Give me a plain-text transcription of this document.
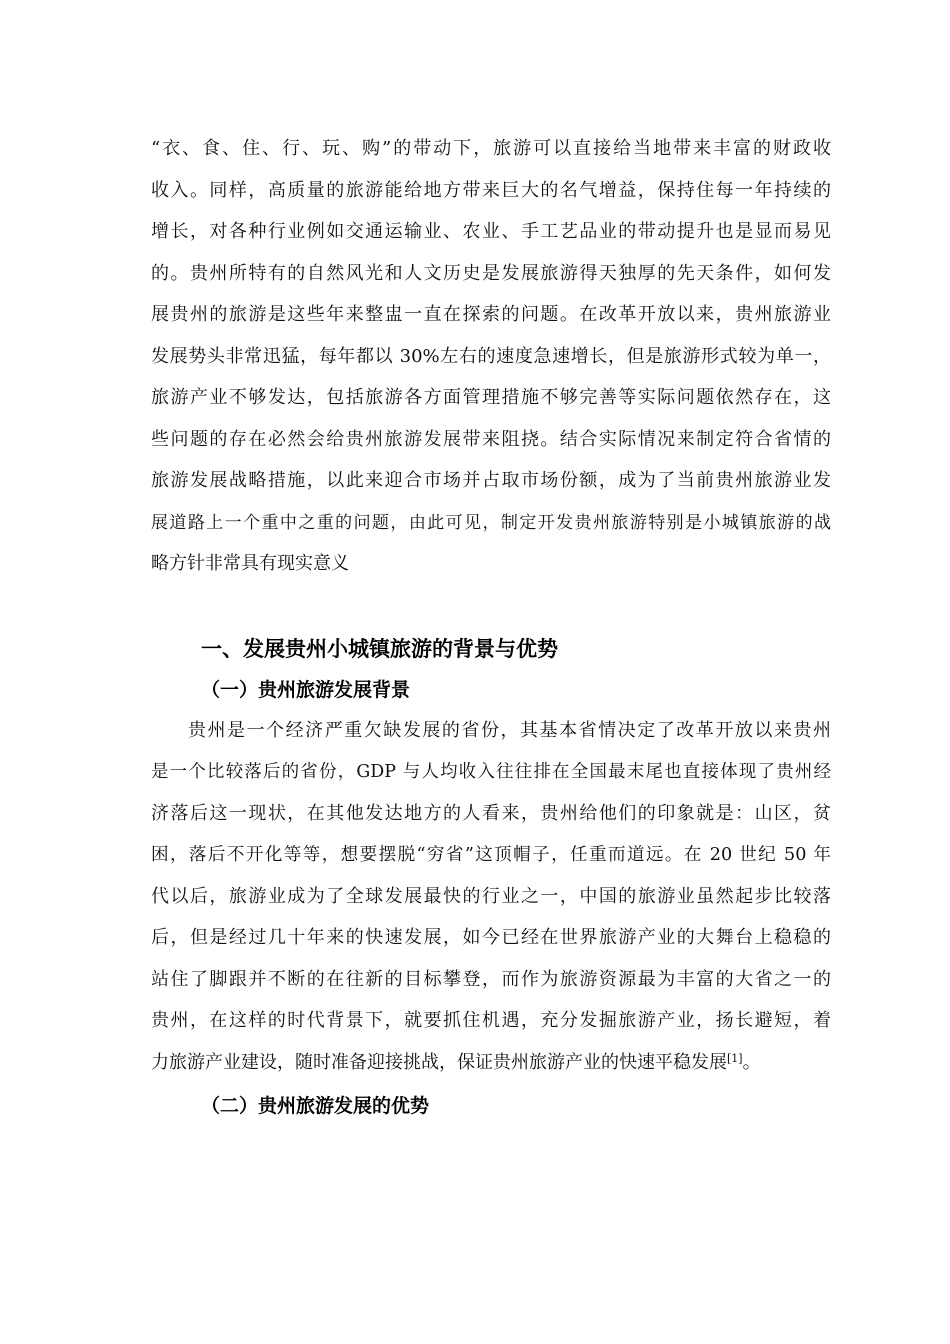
“衣、食、住、行、玩、购”的带动下，旅游可以直接给当地带来丰富的财政收
收入。同样，高质量的旅游能给地方带来巨大的名气增益，保持住每一年持续的
增长，对各种行业例如交通运输业、农业、手工艺品业的带动提升也是显而易见
的。贵州所特有的自然风光和人文历史是发展旅游得天独厚的先天条件，如何发
展贵州的旅游是这些年来整盅一直在探索的问题。在改革开放以来，贵州旅游业
发展势头非常迅猛，每年都以 30%左右的速度急速增长，但是旅游形式较为单一，
旅游产业不够发达，包括旅游各方面管理措施不够完善等实际问题依然存在，这
些问题的存在必然会给贵州旅游发展带来阻挠。结合实际情况来制定符合省情的
旅游发展战略措施，以此来迎合市场并占取市场份额，成为了当前贵州旅游业发
展道路上一个重中之重的问题，由此可见，制定开发贵州旅游特别是小城镇旅游的战
略方针非常具有现实意义
一、发展贵州小城镇旅游的背景与优势
（一）贵州旅游发展背景
贵州是一个经济严重欠缺发展的省份，其基本省情决定了改革开放以来贵州
是一个比较落后的省份，GDP 与人均收入往往排在全国最末尾也直接体现了贵州经
济落后这一现状，在其他发达地方的人看来，贵州给他们的印象就是：山区，贫
困，落后不开化等等，想要摆脱“穷省”这顶帽子，任重而道远。在 20 世纪 50 年
代以后，旅游业成为了全球发展最快的行业之一，中国的旅游业虽然起步比较落
后，但是经过几十年来的快速发展，如今已经在世界旅游产业的大舞台上稳稳的
站住了脚跟并不断的在往新的目标攀登，而作为旅游资源最为丰富的大省之一的
贵州，在这样的时代背景下，就要抓住机遇，充分发掘旅游产业，扬长避短，着
力旅游产业建设，随时准备迎接挑战，保证贵州旅游产业的快速平稳发展[1]。
（二）贵州旅游发展的优势
